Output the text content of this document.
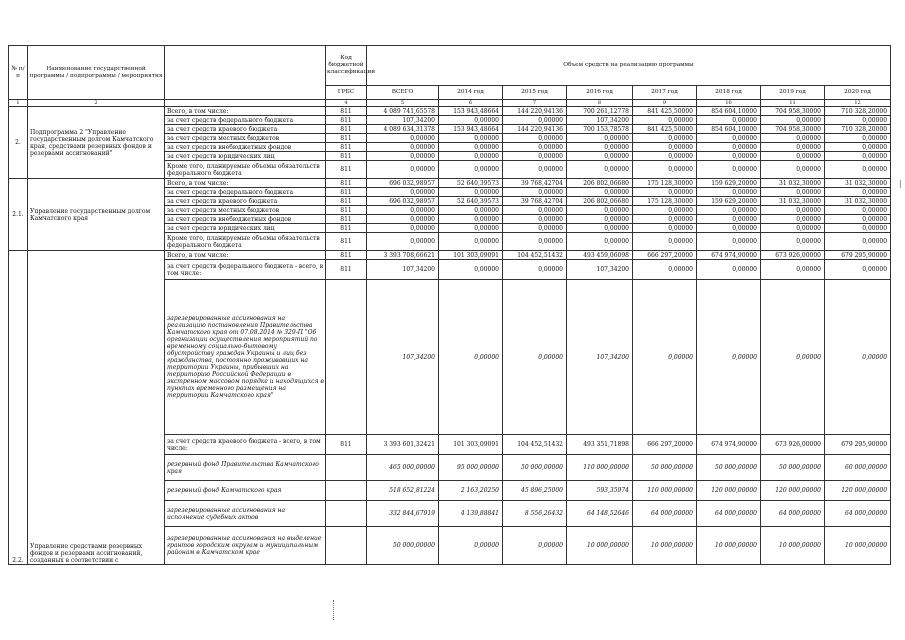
№ п/п	Наименование государственной программы / подпрограммы / мероприятия		Код бюджетной классификации	Объем средств на реализацию программы							
			ГРБС	ВСЕГО	2014 год	2015 год	2016 год	2017 год	2018 год	2019 год	2020 год
1	2		4	5	6	7	8	9	10	11	12
2.	Подпрограмма 2 "Управление государственным долгом Камчатского края, средствами резервных фондов и резервами ассигнований"	Всего, в том числе:	811	4 089 741,65578	153 943,48664	144 220,94136	700 261,12778	841 425,50000	854 604,10000	704 958,30000	710 328,20000
		за счет средств федерального бюджета	811	107,34200	0,00000	0,00000	107,34200	0,00000	0,00000	0,00000	0,00000
		за счет средств краевого бюджета	811	4 089 634,31378	153 943,48664	144 220,94136	700 153,78578	841 425,50000	854 604,10000	704 958,30000	710 328,20000
		за счет средств местных бюджетов	811	0,00000	0,00000	0,00000	0,00000	0,00000	0,00000	0,00000	0,00000
		за счет средств внебюджетных фондов	811	0,00000	0,00000	0,00000	0,00000	0,00000	0,00000	0,00000	0,00000
		за счет средств юридических лиц	811	0,00000	0,00000	0,00000	0,00000	0,00000	0,00000	0,00000	0,00000
		Кроме того, планируемые объемы обязательств федерального бюджета	811	0,00000	0,00000	0,00000	0,00000	0,00000	0,00000	0,00000	0,00000
2.1.	Управление государственным долгом Камчатского края	Всего, в том числе:	811	696 032,98957	52 640,39573	39 768,42704	206 802,06680	175 128,30000	159 629,20000	31 032,30000	31 032,30000
		за счет средств федерального бюджета	811	0,00000	0,00000	0,00000	0,00000	0,00000	0,00000	0,00000	0,00000
		за счет средств краевого бюджета	811	696 032,98957	52 640,39573	39 768,42704	206 802,06680	175 128,30000	159 629,20000	31 032,30000	31 032,30000
		за счет средств местных бюджетов	811	0,00000	0,00000	0,00000	0,00000	0,00000	0,00000	0,00000	0,00000
		за счет средств внебюджетных фондов	811	0,00000	0,00000	0,00000	0,00000	0,00000	0,00000	0,00000	0,00000
		за счет средств юридических лиц	811	0,00000	0,00000	0,00000	0,00000	0,00000	0,00000	0,00000	0,00000
		Кроме того, планируемые объемы обязательств федерального бюджета	811	0,00000	0,00000	0,00000	0,00000	0,00000	0,00000	0,00000	0,00000
2.2.	Управление средствами резервных фондов и резервами ассигнований, созданных в соответствии с	Всего, в том числе:	811	3 393 708,66621	101 303,09091	104 452,51432	493 459,06098	666 297,20000	674 974,90000	673 926,00000	679 295,90000
		за счет средств федерального бюджета - всего, в том числе:	811	107,34200	0,00000	0,00000	107,34200	0,00000	0,00000	0,00000	0,00000
		зарезервированные ассигнования на реализацию постановления Правительства Камчатского края от 07.08.2014 № 329-П "Об организации осуществления мероприятий по временному социально-бытовому обустройству граждан Украины и лиц без гражданства, постоянно проживавших на территории Украины, прибывших на территорию Российской Федерации в экстренном массовом порядке и находящихся в пунктах временного размещения на территории Камчатского края"		107,34200	0,00000	0,00000	107,34200	0,00000	0,00000	0,00000	0,00000
		за счет средств краевого бюджета - всего, в том числе:	811	3 393 601,32421	101 303,09091	104 452,51432	493 351,71898	666 297,20000	674 974,90000	673 926,00000	679 295,90000
		резервный фонд Правительства Камчатского края		465 000,00000	95 000,00000	50 000,00000	110 000,00000	50 000,00000	50 000,00000	50 000,00000	60 000,00000
		резервный фонд Камчатского края		518 652,81224	2 163,20250	45 896,25000	593,35974	110 000,00000	120 000,00000	120 000,00000	120 000,00000
		зарезервированные ассигнования на исполнение судебных актов		332 844,67919	4 139,88841	8 556,26432	64 148,52646	64 000,00000	64 000,00000	64 000,00000	64 000,00000
		зарезервированные ассигнования на выделение грантов городским округам и муниципальным районам в Камчатском крае		50 000,00000	0,00000	0,00000	10 000,00000	10 000,00000	10 000,00000	10 000,00000	10 000,00000
